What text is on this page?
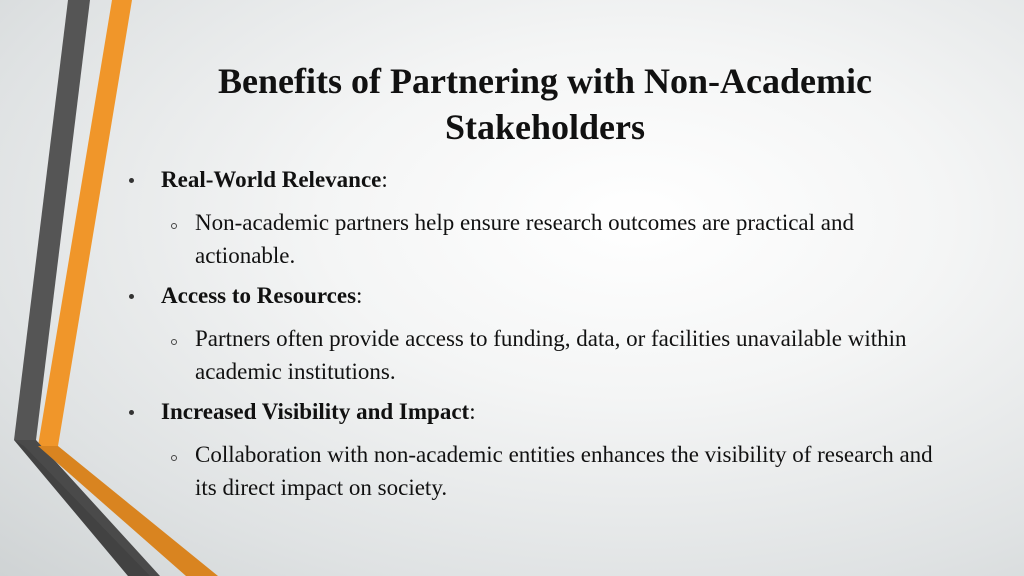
Benefits of Partnering with Non-Academic Stakeholders
Real-World Relevance:
Non-academic partners help ensure research outcomes are practical and actionable.
Access to Resources:
Partners often provide access to funding, data, or facilities unavailable within academic institutions.
Increased Visibility and Impact:
Collaboration with non-academic entities enhances the visibility of research and its direct impact on society.
